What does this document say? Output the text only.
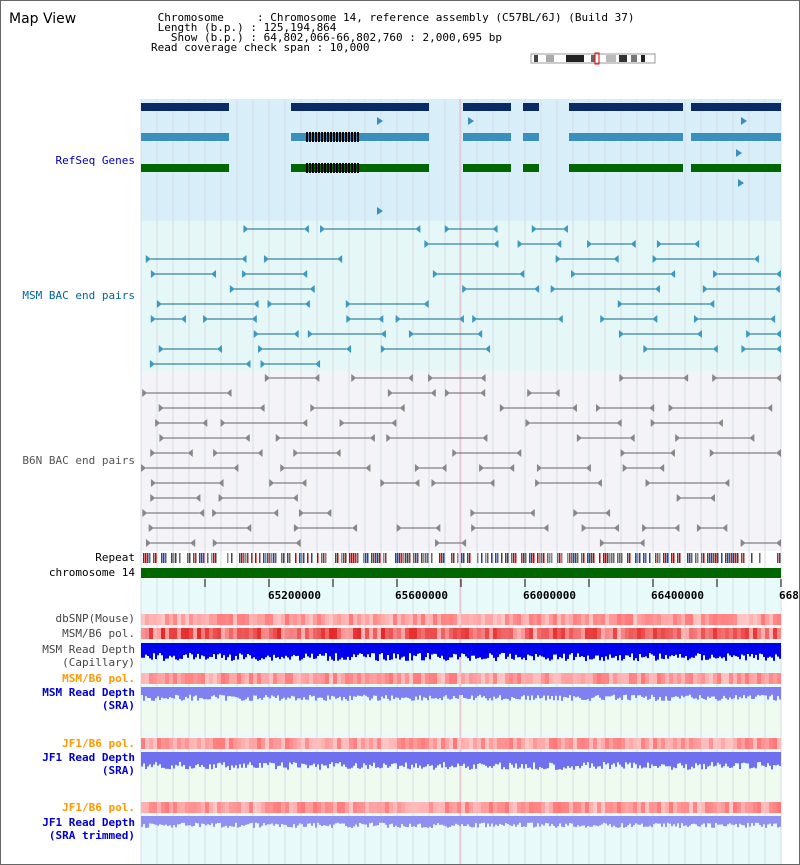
Map View	Chromosome     : Chromosome 14, reference assembly (C57BL/6J) (Build 37)
Length (b.p.) : 125,194,864
Show (b.p.) : 64,802,066-66,802,760 : 2,000,695 bp
Read coverage check span : 10,000
RefSeq Genes
MSM BAC end pairs
B6N BAC end pairs
Repeat
chromosome 14
dbSNP(Mouse)
MSM/B6 pol.
MSM Read Depth
(Capillary)
MSM/B6 pol.
MSM Read Depth
(SRA)
JF1/B6 pol.
JF1 Read Depth
(SRA)
JF1/B6 pol.
JF1 Read Depth
(SRA trimmed)
65200000	65600000	66000000	66400000	668
